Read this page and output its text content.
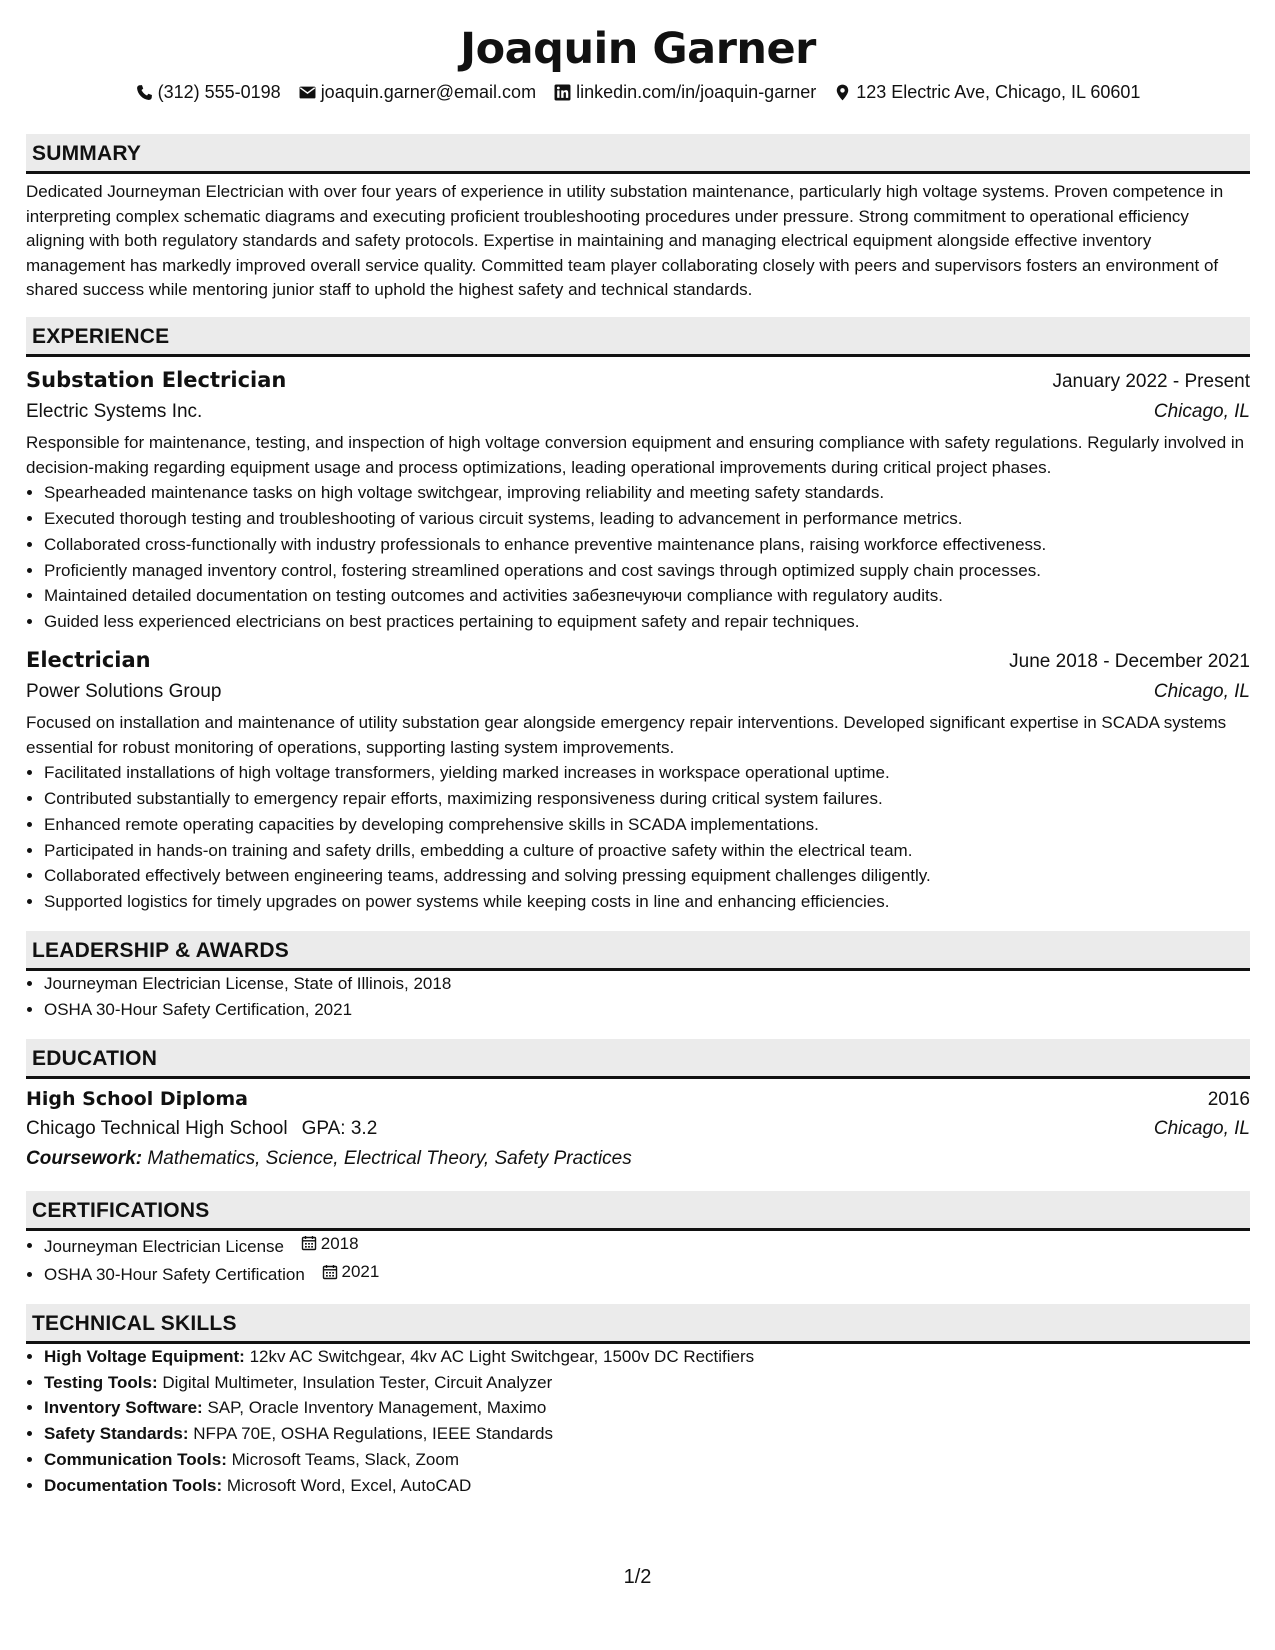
Joaquin Garner
(312) 555-0198 joaquin.garner@email.com linkedin.com/in/joaquin-garner 123 Electric Ave, Chicago, IL 60601
SUMMARY
Dedicated Journeyman Electrician with over four years of experience in utility substation maintenance, particularly high voltage systems. Proven competence in interpreting complex schematic diagrams and executing proficient troubleshooting procedures under pressure. Strong commitment to operational efficiency aligning with both regulatory standards and safety protocols. Expertise in maintaining and managing electrical equipment alongside effective inventory management has markedly improved overall service quality. Committed team player collaborating closely with peers and supervisors fosters an environment of shared success while mentoring junior staff to uphold the highest safety and technical standards.
EXPERIENCE
Substation Electrician	January 2022 - Present
Electric Systems Inc.	Chicago, IL
Responsible for maintenance, testing, and inspection of high voltage conversion equipment and ensuring compliance with safety regulations. Regularly involved in decision-making regarding equipment usage and process optimizations, leading operational improvements during critical project phases.
• Spearheaded maintenance tasks on high voltage switchgear, improving reliability and meeting safety standards.
• Executed thorough testing and troubleshooting of various circuit systems, leading to advancement in performance metrics.
• Collaborated cross-functionally with industry professionals to enhance preventive maintenance plans, raising workforce effectiveness.
• Proficiently managed inventory control, fostering streamlined operations and cost savings through optimized supply chain processes.
• Maintained detailed documentation on testing outcomes and activities забезпечуючи compliance with regulatory audits.
• Guided less experienced electricians on best practices pertaining to equipment safety and repair techniques.
Electrician	June 2018 - December 2021
Power Solutions Group	Chicago, IL
Focused on installation and maintenance of utility substation gear alongside emergency repair interventions. Developed significant expertise in SCADA systems essential for robust monitoring of operations, supporting lasting system improvements.
• Facilitated installations of high voltage transformers, yielding marked increases in workspace operational uptime.
• Contributed substantially to emergency repair efforts, maximizing responsiveness during critical system failures.
• Enhanced remote operating capacities by developing comprehensive skills in SCADA implementations.
• Participated in hands-on training and safety drills, embedding a culture of proactive safety within the electrical team.
• Collaborated effectively between engineering teams, addressing and solving pressing equipment challenges diligently.
• Supported logistics for timely upgrades on power systems while keeping costs in line and enhancing efficiencies.
LEADERSHIP & AWARDS
• Journeyman Electrician License, State of Illinois, 2018
• OSHA 30-Hour Safety Certification, 2021
EDUCATION
High School Diploma	2016
Chicago Technical High School GPA: 3.2	Chicago, IL
Coursework: Mathematics, Science, Electrical Theory, Safety Practices
CERTIFICATIONS
• Journeyman Electrician License 2018
• OSHA 30-Hour Safety Certification 2021
TECHNICAL SKILLS
• High Voltage Equipment: 12kv AC Switchgear, 4kv AC Light Switchgear, 1500v DC Rectifiers
• Testing Tools: Digital Multimeter, Insulation Tester, Circuit Analyzer
• Inventory Software: SAP, Oracle Inventory Management, Maximo
• Safety Standards: NFPA 70E, OSHA Regulations, IEEE Standards
• Communication Tools: Microsoft Teams, Slack, Zoom
• Documentation Tools: Microsoft Word, Excel, AutoCAD
1/2
